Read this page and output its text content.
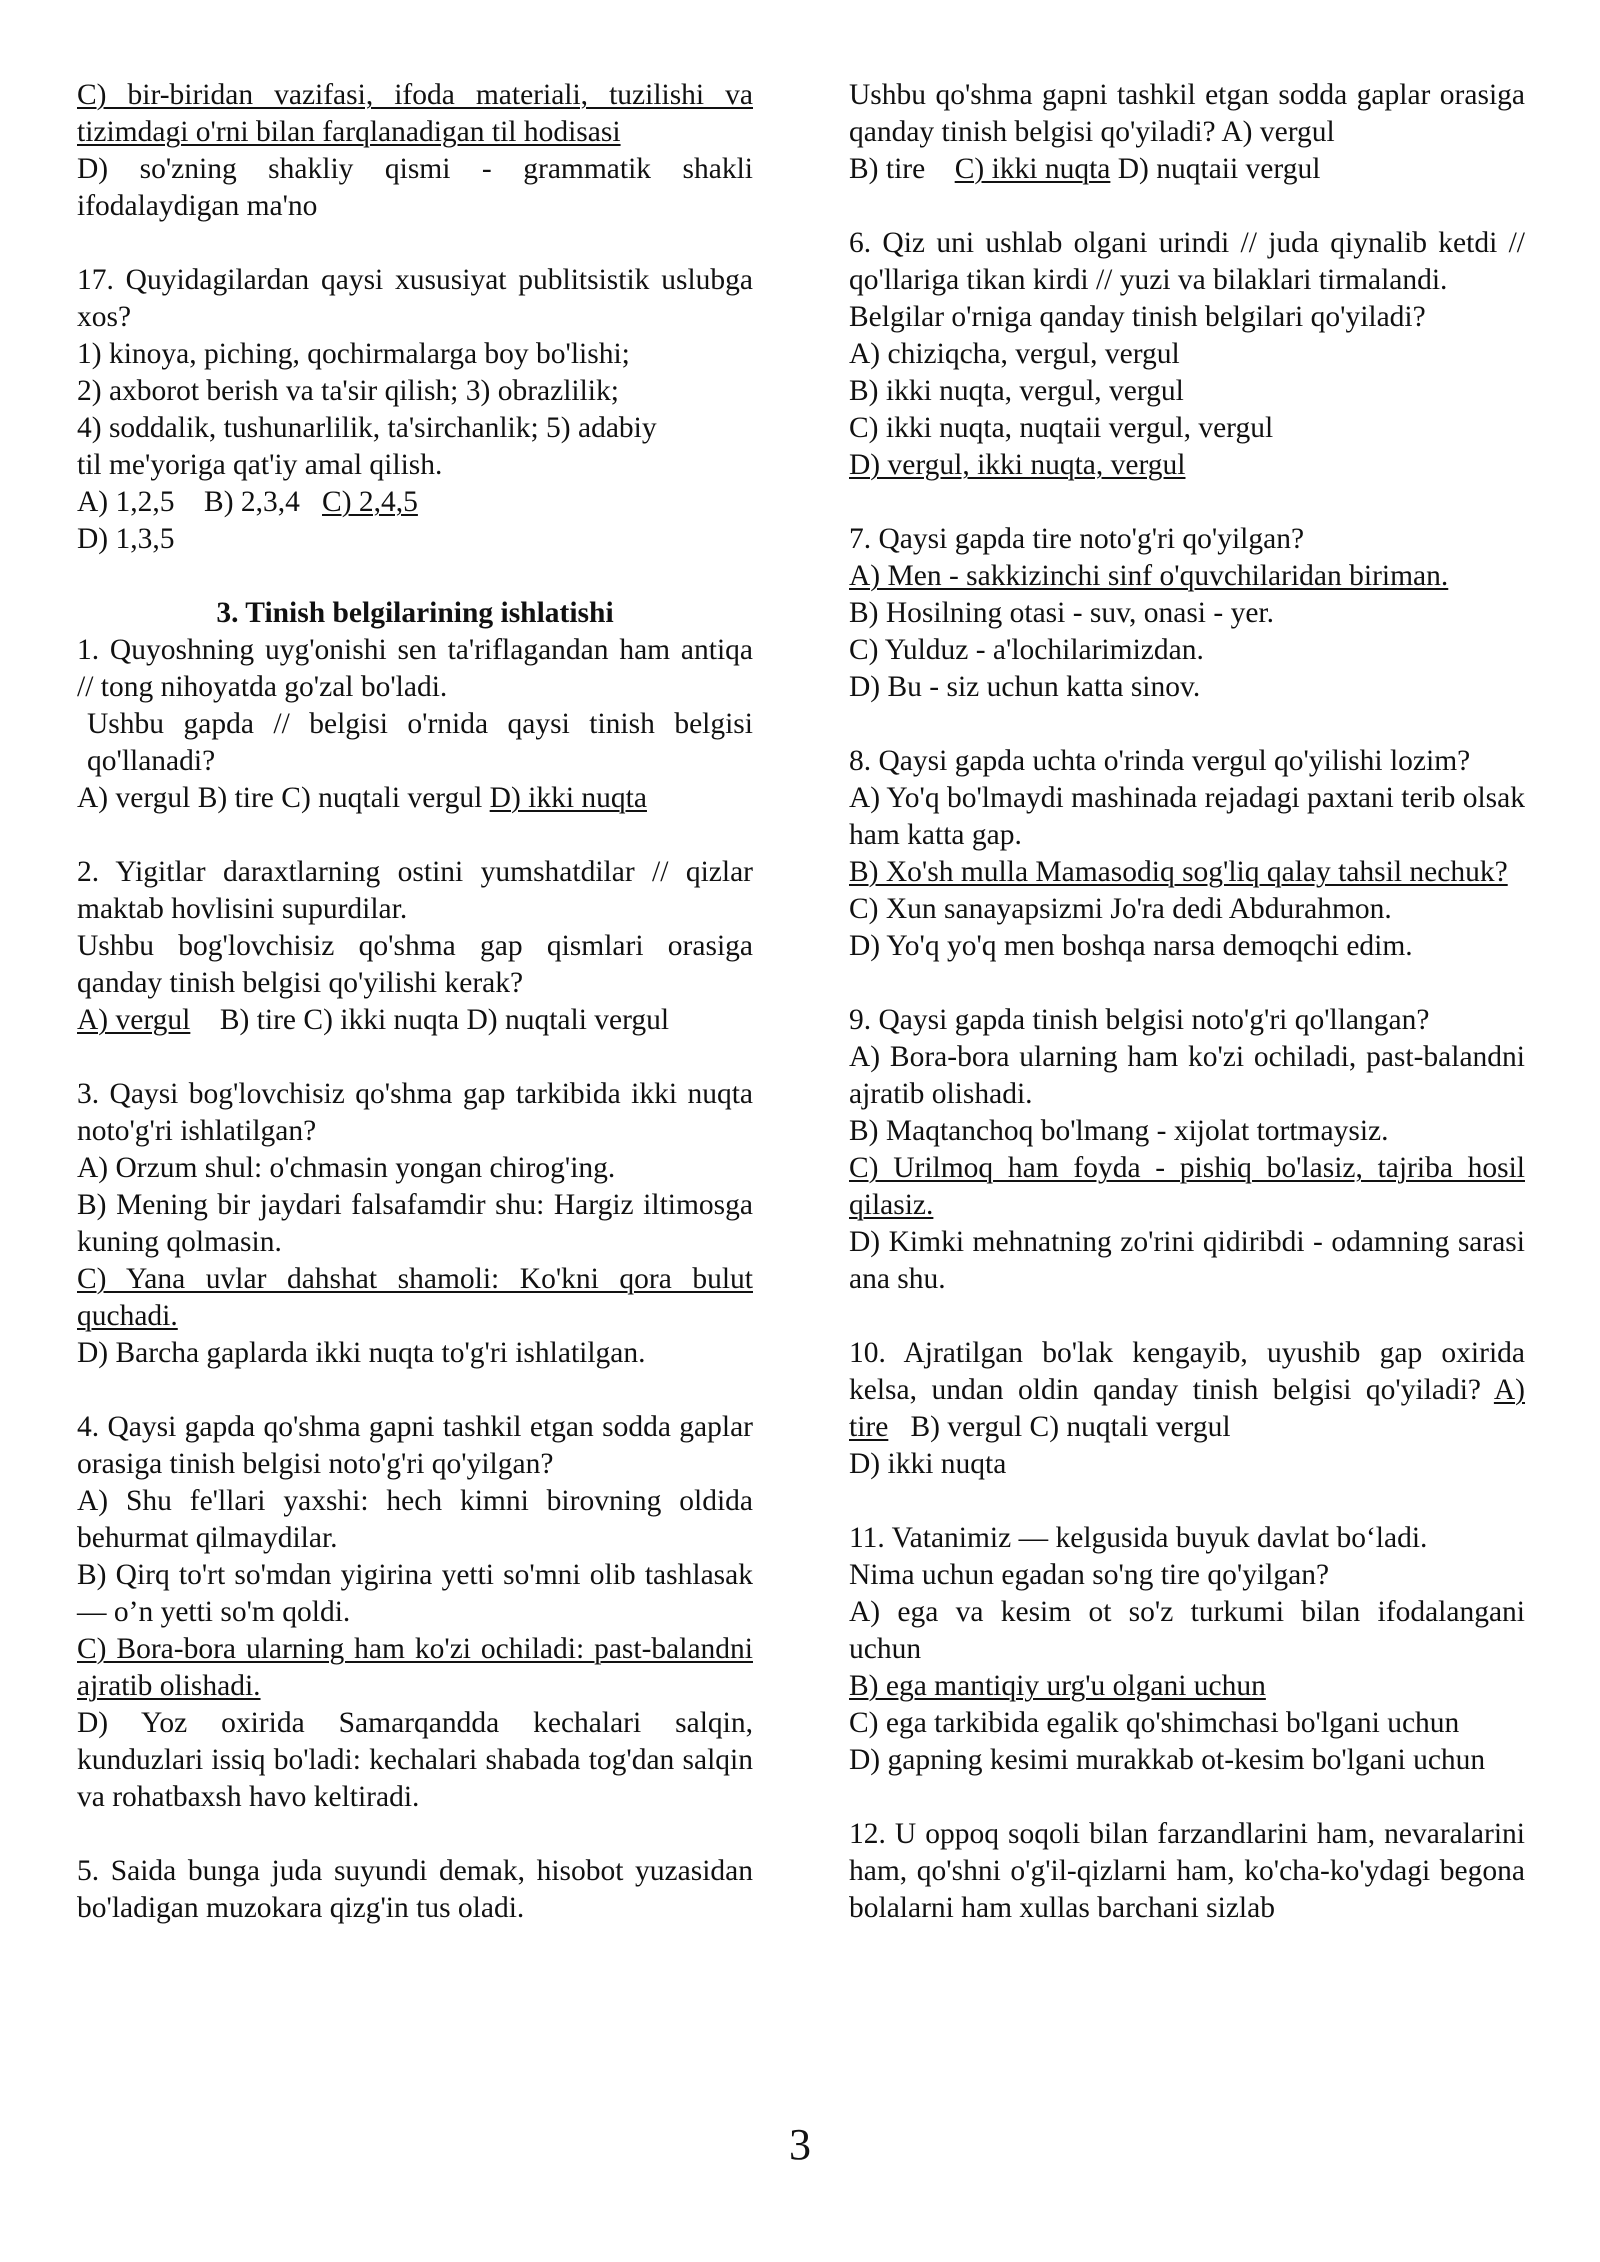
C) bir-biridan vazifasi, ifoda materiali, tuzilishi va tizimdagi o'rni bilan farqlanadigan til hodisasi

D) so'zning shakliy qismi - grammatik shakli ifodalaydigan ma'no

17. Quyidagilardan qaysi xususiyat publitsistik uslubga xos?

1) kinoya, piching, qochirmalarga boy bo'lishi;

2) axborot berish va ta'sir qilish; 3) obrazlilik;

4) soddalik, tushunarlilik, ta'sirchanlik; 5) adabiy

til me'yoriga qat'iy amal qilish.

A) 1,2,5 B) 2,3,4 C) 2,4,5

D) 1,3,5

3. Tinish belgilarining ishlatishi

1. Quyoshning uyg'onishi sen ta'riflagandan ham antiqa // tong nihoyatda go'zal bo'ladi.

Ushbu gapda // belgisi o'rnida qaysi tinish belgisi qo'llanadi?

A) vergul B) tire C) nuqtali vergul D) ikki nuqta

2. Yigitlar daraxtlarning ostini yumshatdilar // qizlar maktab hovlisini supurdilar.

Ushbu bog'lovchisiz qo'shma gap qismlari orasiga qanday tinish belgisi qo'yilishi kerak?

A) vergul B) tire C) ikki nuqta D) nuqtali vergul

3. Qaysi bog'lovchisiz qo'shma gap tarkibida ikki nuqta noto'g'ri ishlatilgan?

A) Orzum shul: o'chmasin yongan chirog'ing.

B) Mening bir jaydari falsafamdir shu: Hargiz iltimosga kuning qolmasin.

C) Yana uvlar dahshat shamoli: Ko'kni qora bulut quchadi.

D) Barcha gaplarda ikki nuqta to'g'ri ishlatilgan.

4. Qaysi gapda qo'shma gapni tashkil etgan sodda gaplar orasiga tinish belgisi noto'g'ri qo'yilgan?

A) Shu fe'llari yaxshi: hech kimni birovning oldida behurmat qilmaydilar.

B) Qirq to'rt so'mdan yigirina yetti so'mni olib tashlasak — o’n yetti so'm qoldi.

C) Bora-bora ularning ham ko'zi ochiladi: past-balandni ajratib olishadi.

D) Yoz oxirida Samarqandda kechalari salqin, kunduzlari issiq bo'ladi: kechalari shabada tog'dan salqin va rohatbaxsh havo keltiradi.

5. Saida bunga juda suyundi demak, hisobot yuzasidan bo'ladigan muzokara qizg'in tus oladi.

Ushbu qo'shma gapni tashkil etgan sodda gaplar orasiga qanday tinish belgisi qo'yiladi? A) vergul

B) tire C) ikki nuqta D) nuqtaii vergul

6. Qiz uni ushlab olgani urindi // juda qiynalib ketdi // qo'llariga tikan kirdi // yuzi va bilaklari tirmalandi.

Belgilar o'rniga qanday tinish belgilari qo'yiladi?

A) chiziqcha, vergul, vergul

B) ikki nuqta, vergul, vergul

C) ikki nuqta, nuqtaii vergul, vergul

D) vergul, ikki nuqta, vergul

7. Qaysi gapda tire noto'g'ri qo'yilgan?

A) Men - sakkizinchi sinf o'quvchilaridan biriman.

B) Hosilning otasi - suv, onasi - yer.

C) Yulduz - a'lochilarimizdan.

D) Bu - siz uchun katta sinov.

8. Qaysi gapda uchta o'rinda vergul qo'yilishi lozim?

A) Yo'q bo'lmaydi mashinada rejadagi paxtani terib olsak ham katta gap.

B) Xo'sh mulla Mamasodiq sog'liq qalay tahsil nechuk?

C) Xun sanayapsizmi Jo'ra dedi Abdurahmon.

D) Yo'q yo'q men boshqa narsa demoqchi edim.

9. Qaysi gapda tinish belgisi noto'g'ri qo'llangan?

A) Bora-bora ularning ham ko'zi ochiladi, past-balandni ajratib olishadi.

B) Maqtanchoq bo'lmang - xijolat tortmaysiz.

C) Urilmoq ham foyda - pishiq bo'lasiz, tajriba hosil qilasiz.

D) Kimki mehnatning zo'rini qidiribdi - odamning sarasi ana shu.

10. Ajratilgan bo'lak kengayib, uyushib gap oxirida kelsa, undan oldin qanday tinish belgisi qo'yiladi? A) tire B) vergul C) nuqtali vergul

D) ikki nuqta

11. Vatanimiz — kelgusida buyuk davlat bo‘ladi.

Nima uchun egadan so'ng tire qo'yilgan?

A) ega va kesim ot so'z turkumi bilan ifodalangani uchun

B) ega mantiqiy urg'u olgani uchun

C) ega tarkibida egalik qo'shimchasi bo'lgani uchun

D) gapning kesimi murakkab ot-kesim bo'lgani uchun

12. U oppoq soqoli bilan farzandlarini ham, nevaralarini ham, qo'shni o'g'il-qizlarni ham, ko'cha-ko'ydagi begona bolalarni ham xullas barchani sizlab

3
